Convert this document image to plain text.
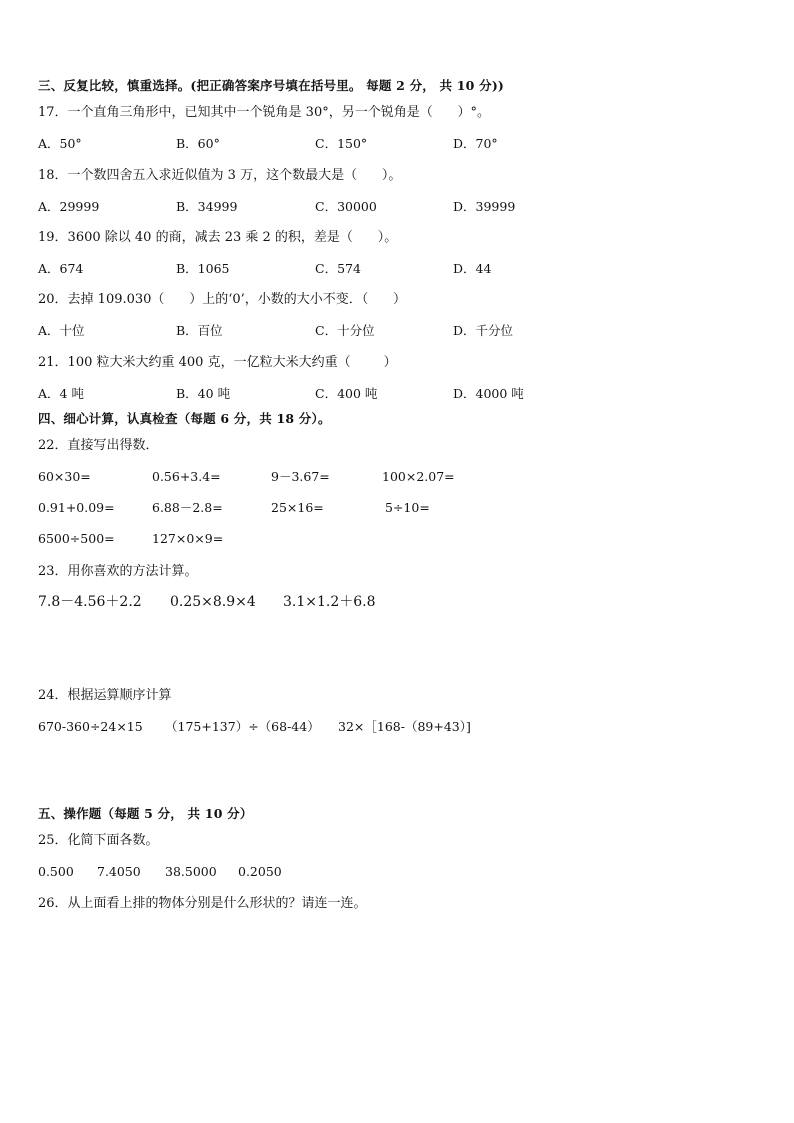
三、反复比较，慎重选择。(把正确答案序号填在括号里。 每题 2 分， 共 10 分))
17．一个直角三角形中，已知其中一个锐角是 30°，另一个锐角是（      ）°。
A．50°	B．60°	C．150°	D．70°
18．一个数四舍五入求近似值为 3 万，这个数最大是（      ）。
A．29999	B．34999	C．30000	D．39999
19．3600 除以 40 的商，减去 23 乘 2 的积，差是（      ）。
A．674	B．1065	C．574	D．44
20．去掉 109.030（      ）上的‘0’，小数的大小不变．（      ）
A．十位	B．百位	C．十分位	D．千分位
21．100 粒大米大约重 400 克，一亿粒大米大约重（        ）
A．4 吨	B．40 吨	C．400 吨	D．4000 吨
四、细心计算，认真检查（每题 6 分，共 18 分）。
22．直接写出得数．
60×30=	0.56+3.4=	9－3.67=	100×2.07=
0.91+0.09=	6.88－2.8=	25×16=	5÷10=
6500÷500=	127×0×9=
23．用你喜欢的方法计算。
7.8－4.56＋2.2 0.25×8.9×4 3.1×1.2＋6.8
24．根据运算顺序计算
670-360÷24×15 （175+137）÷（68-44） 32×［168-（89+43）]
五、操作题（每题 5 分， 共 10 分）
25．化简下面各数。
0.500 7.4050 38.5000 0.2050
26．从上面看上排的物体分别是什么形状的？请连一连。
